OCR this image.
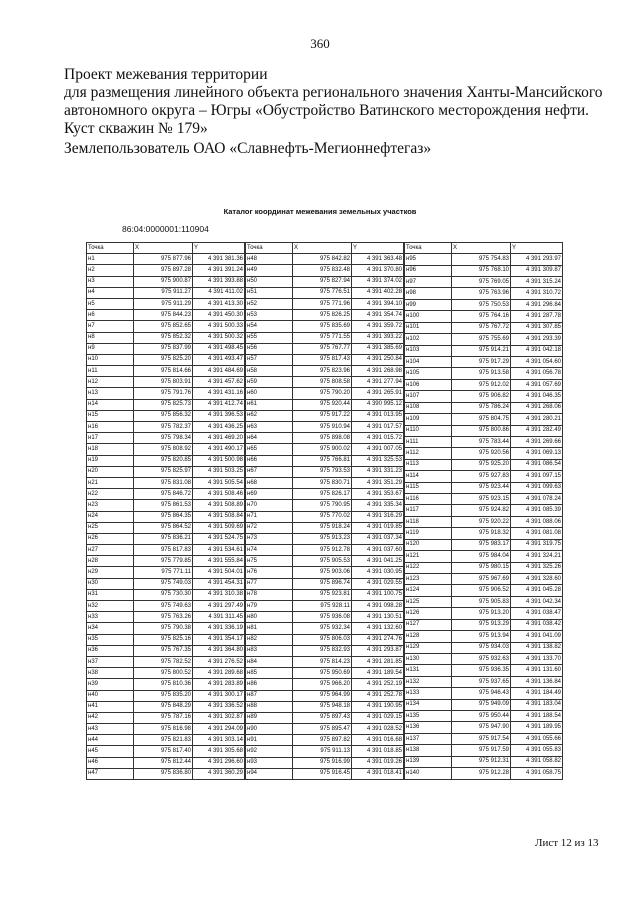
360
Проект межевания территории
для размещения линейного объекта регионального значения Ханты-Мансийского
автономного округа – Югры «Обустройство Ватинского месторождения нефти.
Куст скважин № 179»
Землепользователь ОАО «Славнефть-Мегионнефтегаз»
Каталог координат межевания земельных участков
86:04:0000001:110904
Точка	X	Y
н1	975 877.96	4 391 381.36
н2	975 897.28	4 391 391.24
н3	975 900.87	4 391 393.88
н4	975 911.27	4 391 411.02
н5	975 911.29	4 391 413.30
н6	975 844.23	4 391 450.30
н7	975 852.65	4 391 500.33
н8	975 852.32	4 391 500.32
н9	975 837.99	4 391 498.45
н10	975 825.20	4 391 493.47
н11	975 814.66	4 391 484.69
н12	975 803.91	4 391 457.62
н13	975 791.76	4 391 431.16
н14	975 825.73	4 391 412.74
н15	975 856.32	4 391 396.53
н16	975 782.37	4 391 436.25
н17	975 798.34	4 391 469.20
н18	975 808.92	4 391 490.17
н19	975 820.85	4 391 500.98
н20	975 825.97	4 391 503.25
н21	975 831.08	4 391 505.54
н22	975 846.72	4 391 508.46
н23	975 861.53	4 391 508.89
н24	975 864.35	4 391 508.84
н25	975 864.52	4 391 509.69
н26	975 836.21	4 391 524.75
н27	975 817.83	4 391 534.61
н28	975 779.85	4 391 555.84
н29	975 771.11	4 391 504.01
н30	975 749.03	4 391 454.31
н31	975 730.30	4 391 310.38
н32	975 749.63	4 391 297.49
н33	975 763.26	4 391 311.45
н34	975 790.38	4 391 336.19
н35	975 825.16	4 391 354.17
н36	975 767.35	4 391 364.80
н37	975 782.52	4 391 276.52
н38	975 800.52	4 391 289.68
н39	975 810.36	4 391 283.89
н40	975 835.20	4 391 300.17
н41	975 848.29	4 391 336.52
н42	975 787.16	4 391 302.87
н43	975 816.98	4 391 294.09
н44	975 821.83	4 391 303.14
н45	975 817.40	4 391 305.68
н46	975 812.44	4 391 296.60
н47	975 836.80	4 391 360.29
Точка	X	Y
н48	975 842.82	4 391 363.48
н49	975 832.48	4 391 370.80
н50	975 827.94	4 391 374.02
н51	975 776.51	4 391 402.28
н52	975 771.96	4 391 394.10
н53	975 826.25	4 391 354.74
н54	975 835.69	4 391 359.72
н55	975 771.55	4 391 393.22
н56	975 767.77	4 391 385.69
н57	975 817.43	4 391 250.84
н58	975 823.96	4 391 268.98
н59	975 808.58	4 391 277.94
н60	975 790.20	4 391 265.91
н61	975 920.44	4 390 995.12
н62	975 917.22	4 391 013.95
н63	975 910.94	4 391 017.57
н64	975 898.08	4 391 015.72
н65	975 900.02	4 391 007.05
н66	975 766.81	4 391 325.53
н67	975 793.53	4 391 331.23
н68	975 830.71	4 391 351.29
н69	975 826.17	4 391 353.67
н70	975 790.95	4 391 335.34
н71	975 770.02	4 391 316.29
н72	975 918.24	4 391 019.85
н73	975 913.23	4 391 037.34
н74	975 912.78	4 391 037.60
н75	975 905.53	4 391 041.25
н76	975 903.06	4 391 030.95
н77	975 896.74	4 391 029.55
н78	975 923.81	4 391 100.75
н79	975 928.11	4 391 098.28
н80	975 936.08	4 391 130.51
н81	975 932.34	4 391 132.60
н82	975 806.03	4 391 274.76
н83	975 832.93	4 391 293.87
н84	975 814.23	4 391 281.85
н85	975 950.69	4 391 189.54
н86	975 966.20	4 391 252.19
н87	975 964.99	4 391 252.78
н88	975 948.18	4 391 190.95
н89	975 897.43	4 391 029.15
н90	975 895.47	4 391 028.52
н91	975 897.82	4 391 016.68
н92	975 911.13	4 391 018.85
н93	975 916.99	4 391 019.26
н94	975 916.45	4 391 018.41
Точка	X	Y
н95	975 754.83	4 391 293.97
н96	975 768.10	4 391 309.87
н97	975 769.05	4 391 315.24
н98	975 763.96	4 391 310.72
н99	975 750.53	4 391 296.84
н100	975 764.16	4 391 287.78
н101	975 767.72	4 391 307.85
н102	975 755.69	4 391 293.39
н103	975 914.21	4 391 042.18
н104	975 917.29	4 391 054.60
н105	975 913.58	4 391 056.78
н106	975 912.02	4 391 057.69
н107	975 906.82	4 391 046.35
н108	975 786.24	4 391 268.06
н109	975 804.75	4 391 280.21
н110	975 800.86	4 391 282.49
н111	975 783.44	4 391 269.66
н112	975 920.56	4 391 069.13
н113	975 925.20	4 391 086.54
н114	975 927.83	4 391 097.15
н115	975 923.44	4 391 099.63
н116	975 923.15	4 391 078.24
н117	975 924.82	4 391 085.39
н118	975 920.22	4 391 088.06
н119	975 918.32	4 391 081.08
н120	975 983.17	4 391 319.75
н121	975 984.04	4 391 324.21
н122	975 980.15	4 391 325.26
н123	975 967.69	4 391 328.60
н124	975 906.52	4 391 045.28
н125	975 905.83	4 391 042.34
н126	975 913.20	4 391 038.47
н127	975 913.29	4 391 038.42
н128	975 913.94	4 391 041.09
н129	975 934.03	4 391 138.82
н130	975 932.63	4 391 133.70
н131	975 936.35	4 391 131.60
н132	975 937.65	4 391 136.84
н133	975 946.43	4 391 184.49
н134	975 949.09	4 391 183.04
н135	975 950.44	4 391 188.54
н136	975 947.90	4 391 189.95
н137	975 917.54	4 391 055.66
н138	975 917.59	4 391 055.83
н139	975 912.31	4 391 058.82
н140	975 912.28	4 391 058.75
Лист 12 из 13
